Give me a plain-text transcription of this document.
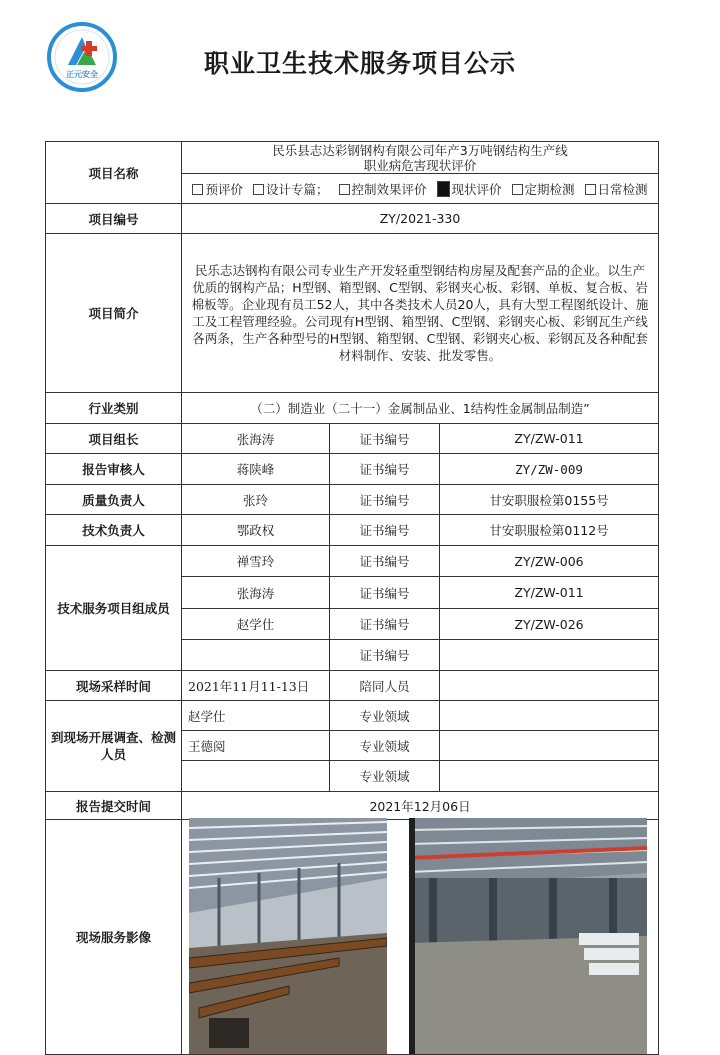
正元安全	职业卫生技术服务项目公示
项目名称	民乐县志达彩钢钢构有限公司年产3万吨钢结构生产线
职业病危害现状评价		

	预评价 设计专篇； 控制效果评价 现状评价 定期检测 日常检测		
项目编号	ZY/2021-330		
项目简介	民乐志达钢构有限公司专业生产开发轻重型钢结构房屋及配套产品的企业。以生产优质的钢构产品；H型钢、箱型钢、C型钢、彩钢夹心板、彩钢、单板、复合板、岩棉板等。企业现有员工52人，其中各类技术人员20人，具有大型工程图纸设计、施工及工程管理经验。公司现有H型钢、箱型钢、C型钢、彩钢夹心板、彩钢瓦生产线各两条，生产各种型号的H型钢、箱型钢、C型钢、彩钢夹心板、彩钢瓦及各种配套材料制作、安装、批发零售。		
行业类别	（二）制造业（二十一）金属制品业、1结构性金属制品制造”		
项目组长	张海涛	证书编号	ZY/ZW-011
报告审核人	蒋陕峰	证书编号	ZY/ZW-009
质量负责人	张玲	证书编号	甘安职服检第0155号
技术负责人	鄂政权	证书编号	甘安职服检第0112号
技术服务项目组成员	禅雪玲	证书编号	ZY/ZW-006
	张海涛	证书编号	ZY/ZW-011
	赵学仕	证书编号	ZY/ZW-026
		证书编号	
现场采样时间	2021年11月11-13日	陪同人员	
到现场开展调查、检测人员	赵学仕	专业领域	
	王德阅	专业领域	
		专业领域	
报告提交时间	2021年12月06日		
现场服务影像	
